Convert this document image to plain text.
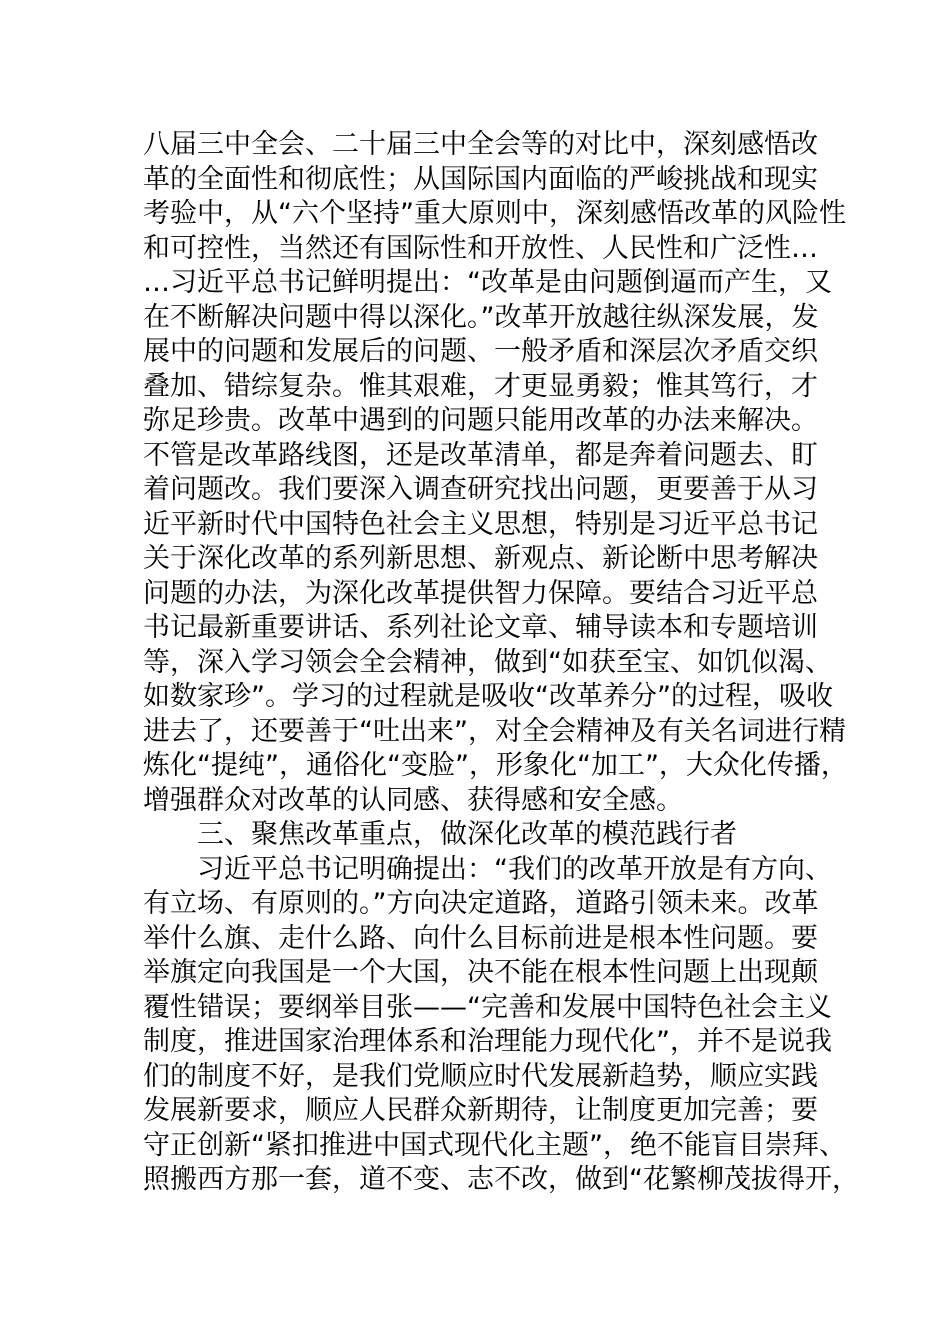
八届三中全会、二十届三中全会等的对比中，深刻感悟改
革的全面性和彻底性；从国际国内面临的严峻挑战和现实
考验中，从“六个坚持”重大原则中，深刻感悟改革的风险性
和可控性，当然还有国际性和开放性、人民性和广泛性…
…习近平总书记鲜明提出：“改革是由问题倒逼而产生，又
在不断解决问题中得以深化。”改革开放越往纵深发展，发
展中的问题和发展后的问题、一般矛盾和深层次矛盾交织
叠加、错综复杂。惟其艰难，才更显勇毅；惟其笃行，才
弥足珍贵。改革中遇到的问题只能用改革的办法来解决。
不管是改革路线图，还是改革清单，都是奔着问题去、盯
着问题改。我们要深入调查研究找出问题，更要善于从习
近平新时代中国特色社会主义思想，特别是习近平总书记
关于深化改革的系列新思想、新观点、新论断中思考解决
问题的办法，为深化改革提供智力保障。要结合习近平总
书记最新重要讲话、系列社论文章、辅导读本和专题培训
等，深入学习领会全会精神，做到“如获至宝、如饥似渴、
如数家珍”。学习的过程就是吸收“改革养分”的过程，吸收
进去了，还要善于“吐出来”，对全会精神及有关名词进行精
炼化“提纯”，通俗化“变脸”，形象化“加工”，大众化传播，
增强群众对改革的认同感、获得感和安全感。
　　三、聚焦改革重点，做深化改革的模范践行者
　　习近平总书记明确提出：“我们的改革开放是有方向、
有立场、有原则的。”方向决定道路，道路引领未来。改革
举什么旗、走什么路、向什么目标前进是根本性问题。要
举旗定向我国是一个大国，决不能在根本性问题上出现颠
覆性错误；要纲举目张——“完善和发展中国特色社会主义
制度，推进国家治理体系和治理能力现代化”，并不是说我
们的制度不好，是我们党顺应时代发展新趋势，顺应实践
发展新要求，顺应人民群众新期待，让制度更加完善；要
守正创新“紧扣推进中国式现代化主题”，绝不能盲目崇拜、
照搬西方那一套，道不变、志不改，做到“花繁柳茂拔得开，
